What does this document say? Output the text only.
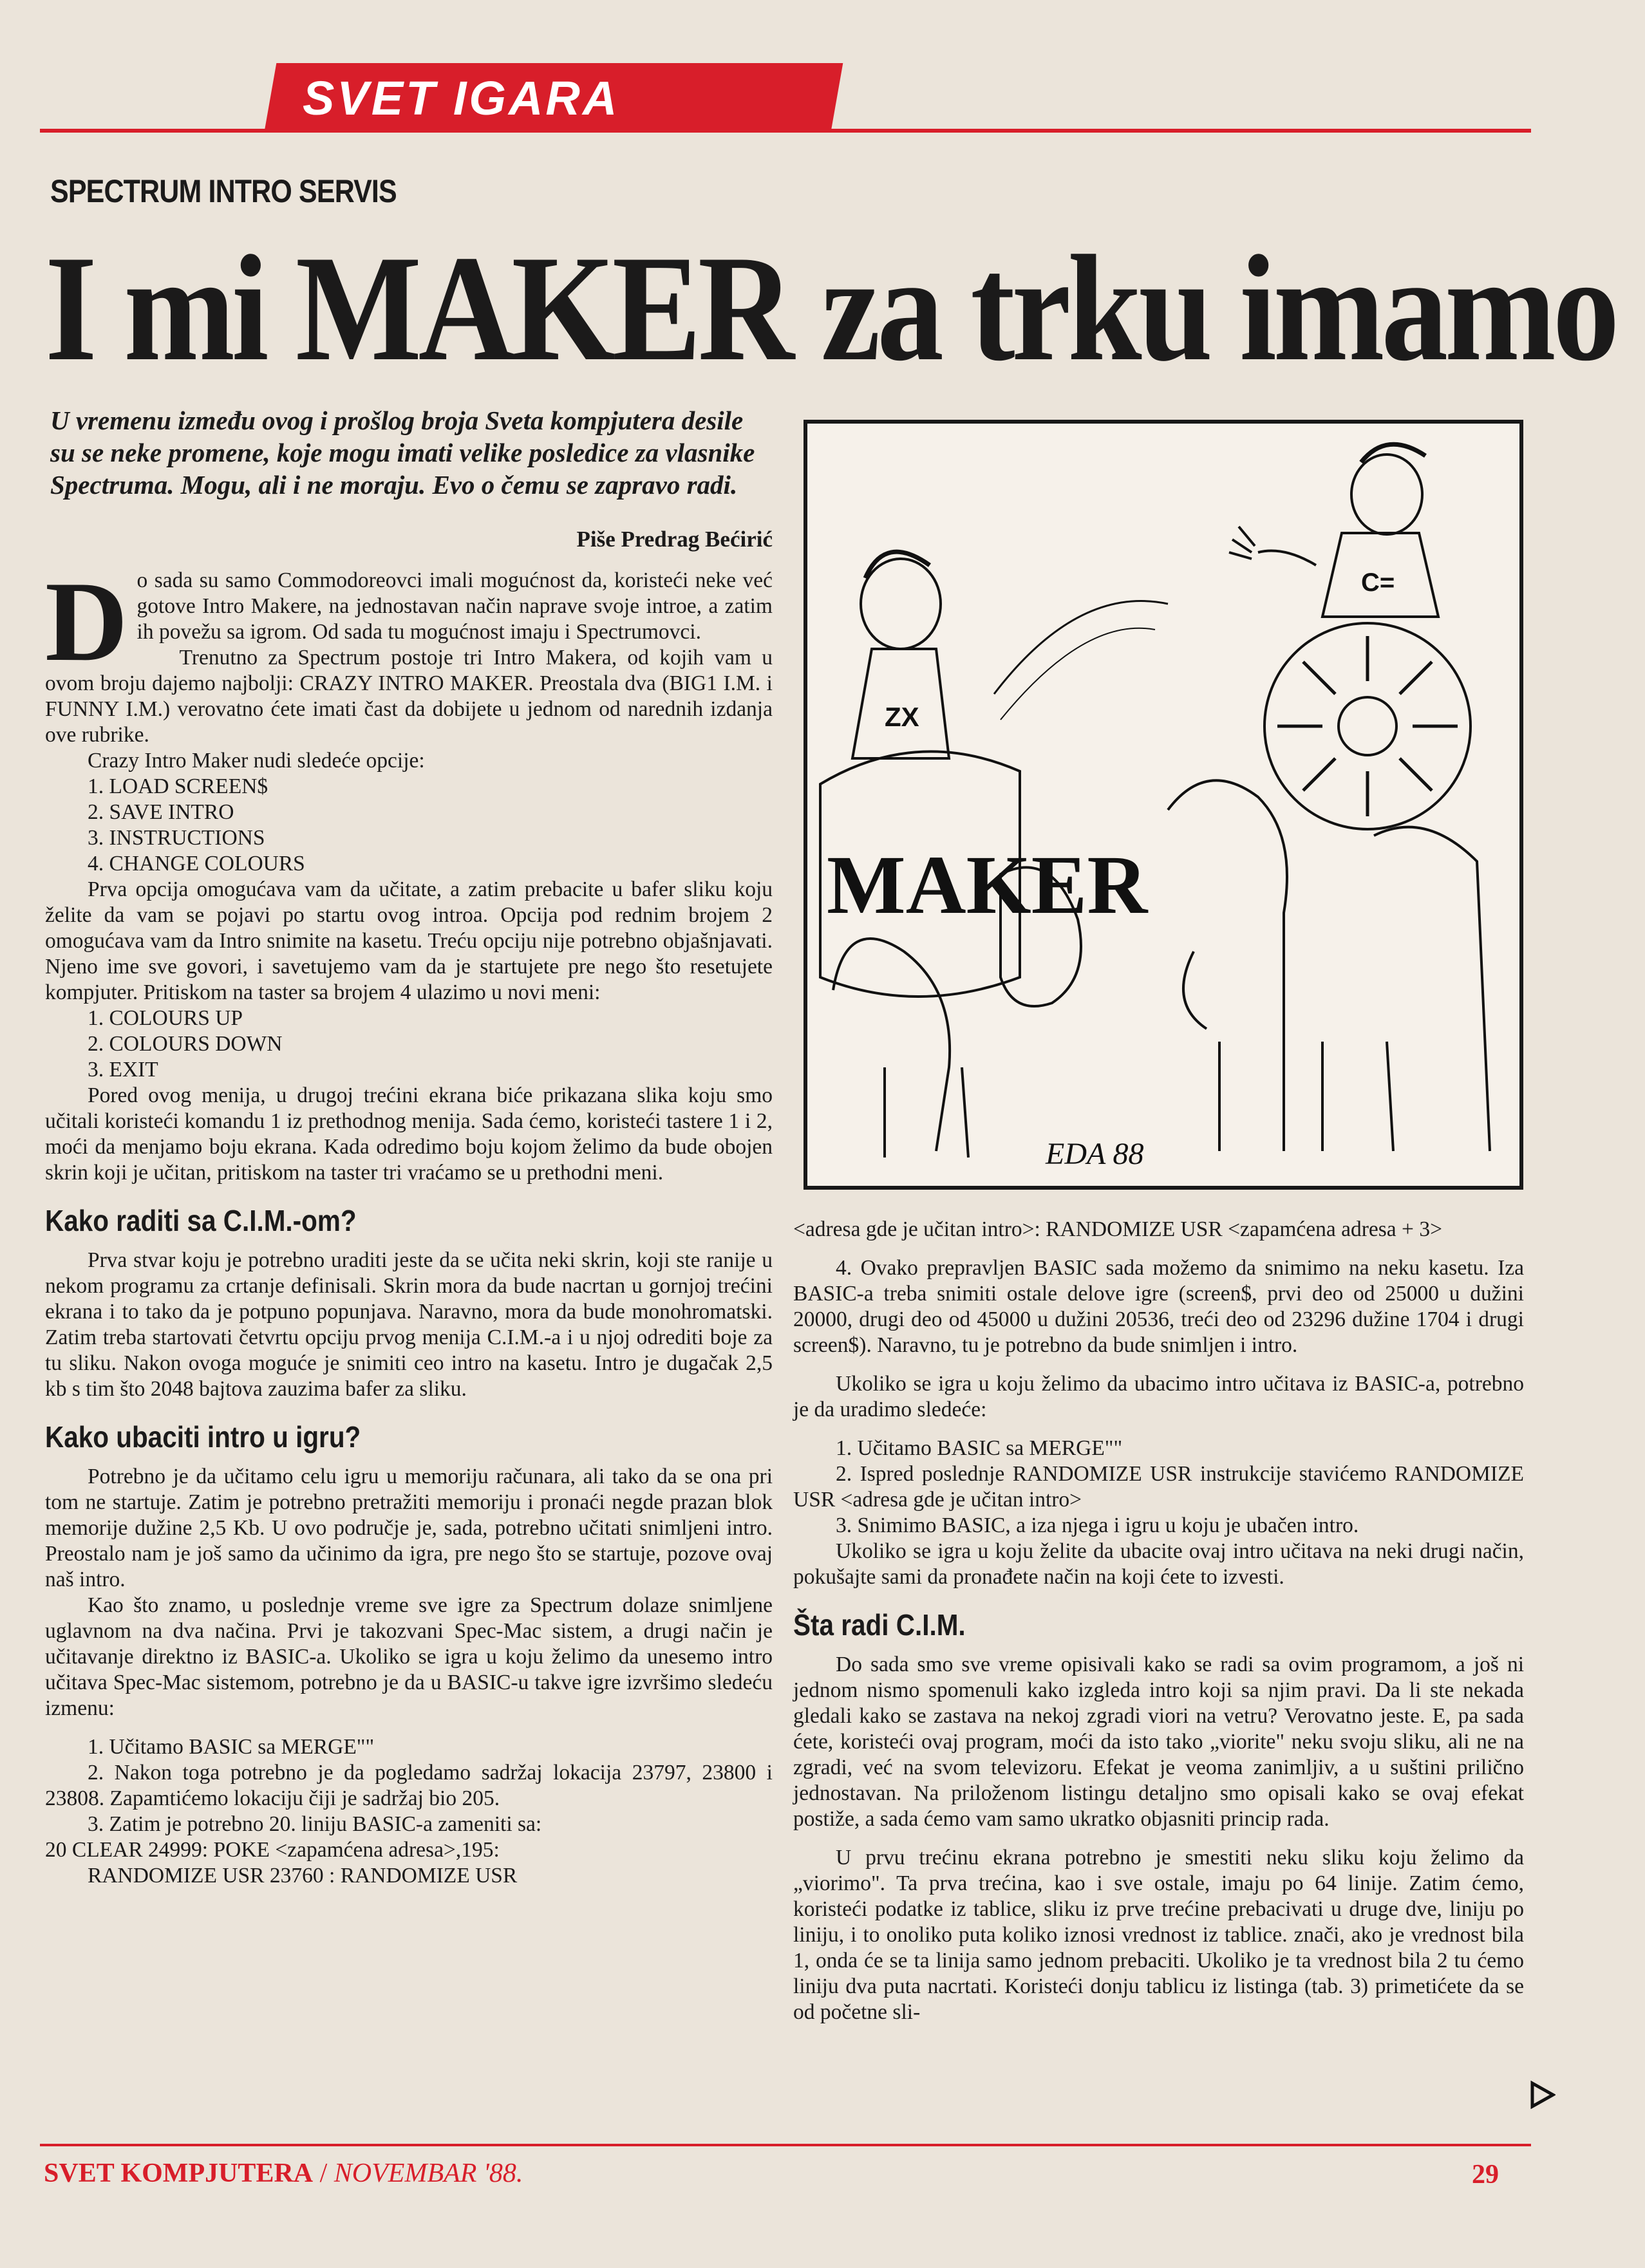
SVET IGARA
SPECTRUM INTRO SERVIS
I mi MAKER za trku imamo
U vremenu između ovog i prošlog broja Sveta kompjutera desile su se neke promene, koje mogu imati velike posledice za vlasnike Spectruma. Mogu, ali i ne moraju. Evo o čemu se zapravo radi.
Piše Predrag Bećirić

Do sada su samo Commodoreovci imali mogućnost da, koristeći neke već gotove Intro Makere, na jednostavan način naprave svoje introe, a zatim ih povežu sa igrom. Od sada tu mogućnost imaju i Spectrumovci.

Trenutno za Spectrum postoje tri Intro Makera, od kojih vam u ovom broju dajemo najbolji: CRAZY INTRO MAKER. Preostala dva (BIG1 I.M. i FUNNY I.M.) verovatno ćete imati čast da dobijete u jednom od narednih izdanja ove rubrike.

Crazy Intro Maker nudi sledeće opcije:

1. LOAD SCREEN$

2. SAVE INTRO

3. INSTRUCTIONS

4. CHANGE COLOURS

Prva opcija omogućava vam da učitate, a zatim prebacite u bafer sliku koju želite da vam se pojavi po startu ovog introa. Opcija pod rednim brojem 2 omogućava vam da Intro snimite na kasetu. Treću opciju nije potrebno objašnjavati. Njeno ime sve govori, i savetujemo vam da je startujete pre nego što resetujete kompjuter. Pritiskom na taster sa brojem 4 ulazimo u novi meni:

1. COLOURS UP

2. COLOURS DOWN

3. EXIT

Pored ovog menija, u drugoj trećini ekrana biće prikazana slika koju smo učitali koristeći komandu 1 iz prethodnog menija. Sada ćemo, koristeći tastere 1 i 2, moći da menjamo boju ekrana. Kada odredimo boju kojom želimo da bude obojen skrin koji je učitan, pritiskom na taster tri vraćamo se u prethodni meni.

Kako raditi sa C.I.M.-om?

Prva stvar koju je potrebno uraditi jeste da se učita neki skrin, koji ste ranije u nekom programu za crtanje definisali. Skrin mora da bude nacrtan u gornjoj trećini ekrana i to tako da je potpuno popunjava. Naravno, mora da bude monohromatski. Zatim treba startovati četvrtu opciju prvog menija C.I.M.-a i u njoj odrediti boje za tu sliku. Nakon ovoga moguće je snimiti ceo intro na kasetu. Intro je dugačak 2,5 kb s tim što 2048 bajtova zauzima bafer za sliku.

Kako ubaciti intro u igru?

Potrebno je da učitamo celu igru u memoriju računara, ali tako da se ona pri tom ne startuje. Zatim je potrebno pretražiti memoriju i pronaći negde prazan blok memorije dužine 2,5 Kb. U ovo područje je, sada, potrebno učitati snimljeni intro. Preostalo nam je još samo da učinimo da igra, pre nego što se startuje, pozove ovaj naš intro.

Kao što znamo, u poslednje vreme sve igre za Spectrum dolaze snimljene uglavnom na dva načina. Prvi je takozvani Spec-Mac sistem, a drugi način je učitavanje direktno iz BASIC-a. Ukoliko se igra u koju želimo da unesemo intro učitava Spec-Mac sistemom, potrebno je da u BASIC-u takve igre izvršimo sledeću izmenu:

1. Učitamo BASIC sa MERGE""

2. Nakon toga potrebno je da pogledamo sadržaj lokacija 23797, 23800 i 23808. Zapamtićemo lokaciju čiji je sadržaj bio 205.

3. Zatim je potrebno 20. liniju BASIC-a zameniti sa:

20 CLEAR 24999: POKE <zapamćena adresa>,195:

RANDOMIZE USR 23760 : RANDOMIZE USR

MAKER
ZX
C=
EDA 88

<adresa gde je učitan intro>: RANDOMIZE USR <zapamćena adresa + 3>

4. Ovako prepravljen BASIC sada možemo da snimimo na neku kasetu. Iza BASIC-a treba snimiti ostale delove igre (screen$, prvi deo od 25000 u dužini 20000, drugi deo od 45000 u dužini 20536, treći deo od 23296 dužine 1704 i drugi screen$). Naravno, tu je potrebno da bude snimljen i intro.

Ukoliko se igra u koju želimo da ubacimo intro učitava iz BASIC-a, potrebno je da uradimo sledeće:

1. Učitamo BASIC sa MERGE""

2. Ispred poslednje RANDOMIZE USR instrukcije stavićemo RANDOMIZE USR <adresa gde je učitan intro>

3. Snimimo BASIC, a iza njega i igru u koju je ubačen intro.

Ukoliko se igra u koju želite da ubacite ovaj intro učitava na neki drugi način, pokušajte sami da pronađete način na koji ćete to izvesti.

Šta radi C.I.M.

Do sada smo sve vreme opisivali kako se radi sa ovim programom, a još ni jednom nismo spomenuli kako izgleda intro koji sa njim pravi. Da li ste nekada gledali kako se zastava na nekoj zgradi viori na vetru? Verovatno jeste. E, pa sada ćete, koristeći ovaj program, moći da isto tako „viorite" neku svoju sliku, ali ne na zgradi, već na svom televizoru. Efekat je veoma zanimljiv, a u suštini prilično jednostavan. Na priloženom listingu detaljno smo opisali kako se ovaj efekat postiže, a sada ćemo vam samo ukratko objasniti princip rada.

U prvu trećinu ekrana potrebno je smestiti neku sliku koju želimo da „viorimo". Ta prva trećina, kao i sve ostale, imaju po 64 linije. Zatim ćemo, koristeći podatke iz tablice, sliku iz prve trećine prebacivati u druge dve, liniju po liniju, i to onoliko puta koliko iznosi vrednost iz tablice. znači, ako je vrednost bila 1, onda će se ta linija samo jednom prebaciti. Ukoliko je ta vrednost bila 2 tu ćemo liniju dva puta nacrtati. Koristeći donju tablicu iz listinga (tab. 3) primetićete da se od početne sli-

SVET KOMPJUTERA / NOVEMBAR '88.	29
